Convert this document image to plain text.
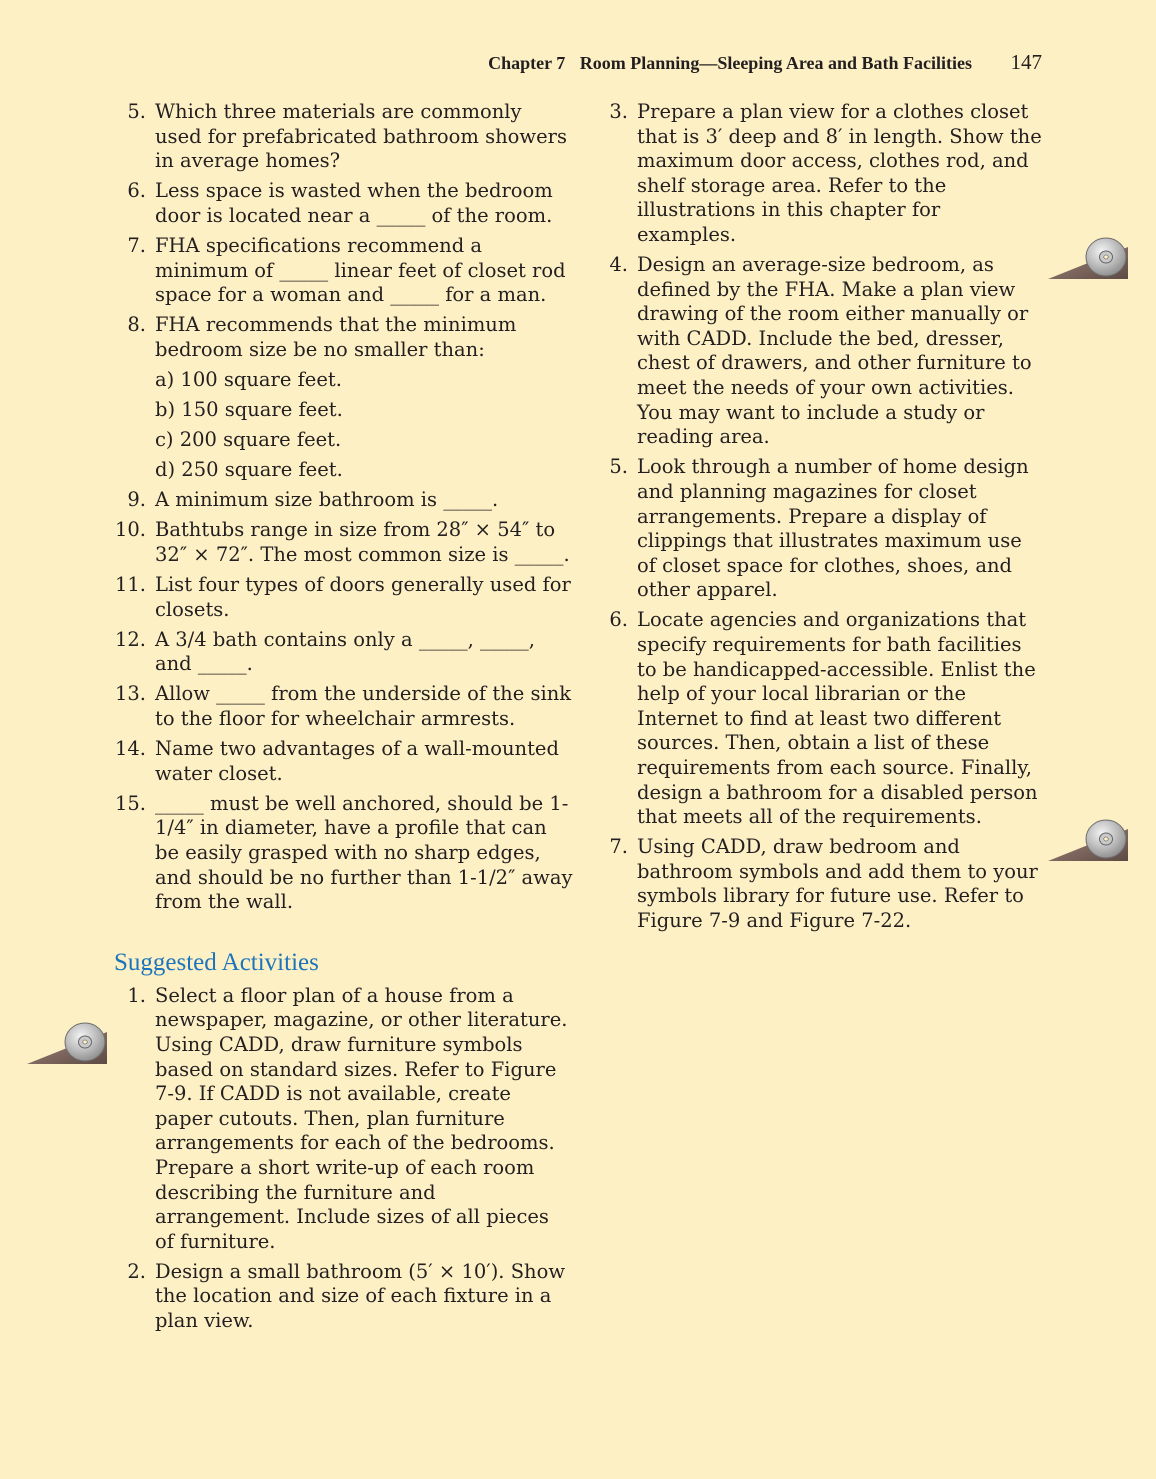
Chapter 7 Room Planning—Sleeping Area and Bath Facilities 147
5. Which three materials are commonly used for prefabricated bathroom showers in average homes?
6. Less space is wasted when the bedroom door is located near a _____ of the room.
7. FHA specifications recommend a minimum of _____ linear feet of closet rod space for a woman and _____ for a man.
8. FHA recommends that the minimum bedroom size be no smaller than:
a) 100 square feet.
b) 150 square feet.
c) 200 square feet.
d) 250 square feet.
9. A minimum size bathroom is _____.
10. Bathtubs range in size from 28″ × 54″ to 32″ × 72″. The most common size is _____.
11. List four types of doors generally used for closets.
12. A 3/4 bath contains only a _____, _____, and _____.
13. Allow _____ from the underside of the sink to the floor for wheelchair armrests.
14. Name two advantages of a wall-mounted water closet.
15. _____ must be well anchored, should be 1-1/4″ in diameter, have a profile that can be easily grasped with no sharp edges, and should be no further than 1-1/2″ away from the wall.
Suggested Activities
1. Select a floor plan of a house from a newspaper, magazine, or other literature. Using CADD, draw furniture symbols based on standard sizes. Refer to Figure 7-9. If CADD is not available, create paper cutouts. Then, plan furniture arrangements for each of the bedrooms. Prepare a short write-up of each room describing the furniture and arrangement. Include sizes of all pieces of furniture.
2. Design a small bathroom (5′ × 10′). Show the location and size of each fixture in a plan view.
3. Prepare a plan view for a clothes closet that is 3′ deep and 8′ in length. Show the maximum door access, clothes rod, and shelf storage area. Refer to the illustrations in this chapter for examples.
4. Design an average-size bedroom, as defined by the FHA. Make a plan view drawing of the room either manually or with CADD. Include the bed, dresser, chest of drawers, and other furniture to meet the needs of your own activities. You may want to include a study or reading area.
5. Look through a number of home design and planning magazines for closet arrangements. Prepare a display of clippings that illustrates maximum use of closet space for clothes, shoes, and other apparel.
6. Locate agencies and organizations that specify requirements for bath facilities to be handicapped-accessible. Enlist the help of your local librarian or the Internet to find at least two different sources. Then, obtain a list of these requirements from each source. Finally, design a bathroom for a disabled person that meets all of the requirements.
7. Using CADD, draw bedroom and bathroom symbols and add them to your symbols library for future use. Refer to Figure 7-9 and Figure 7-22.
